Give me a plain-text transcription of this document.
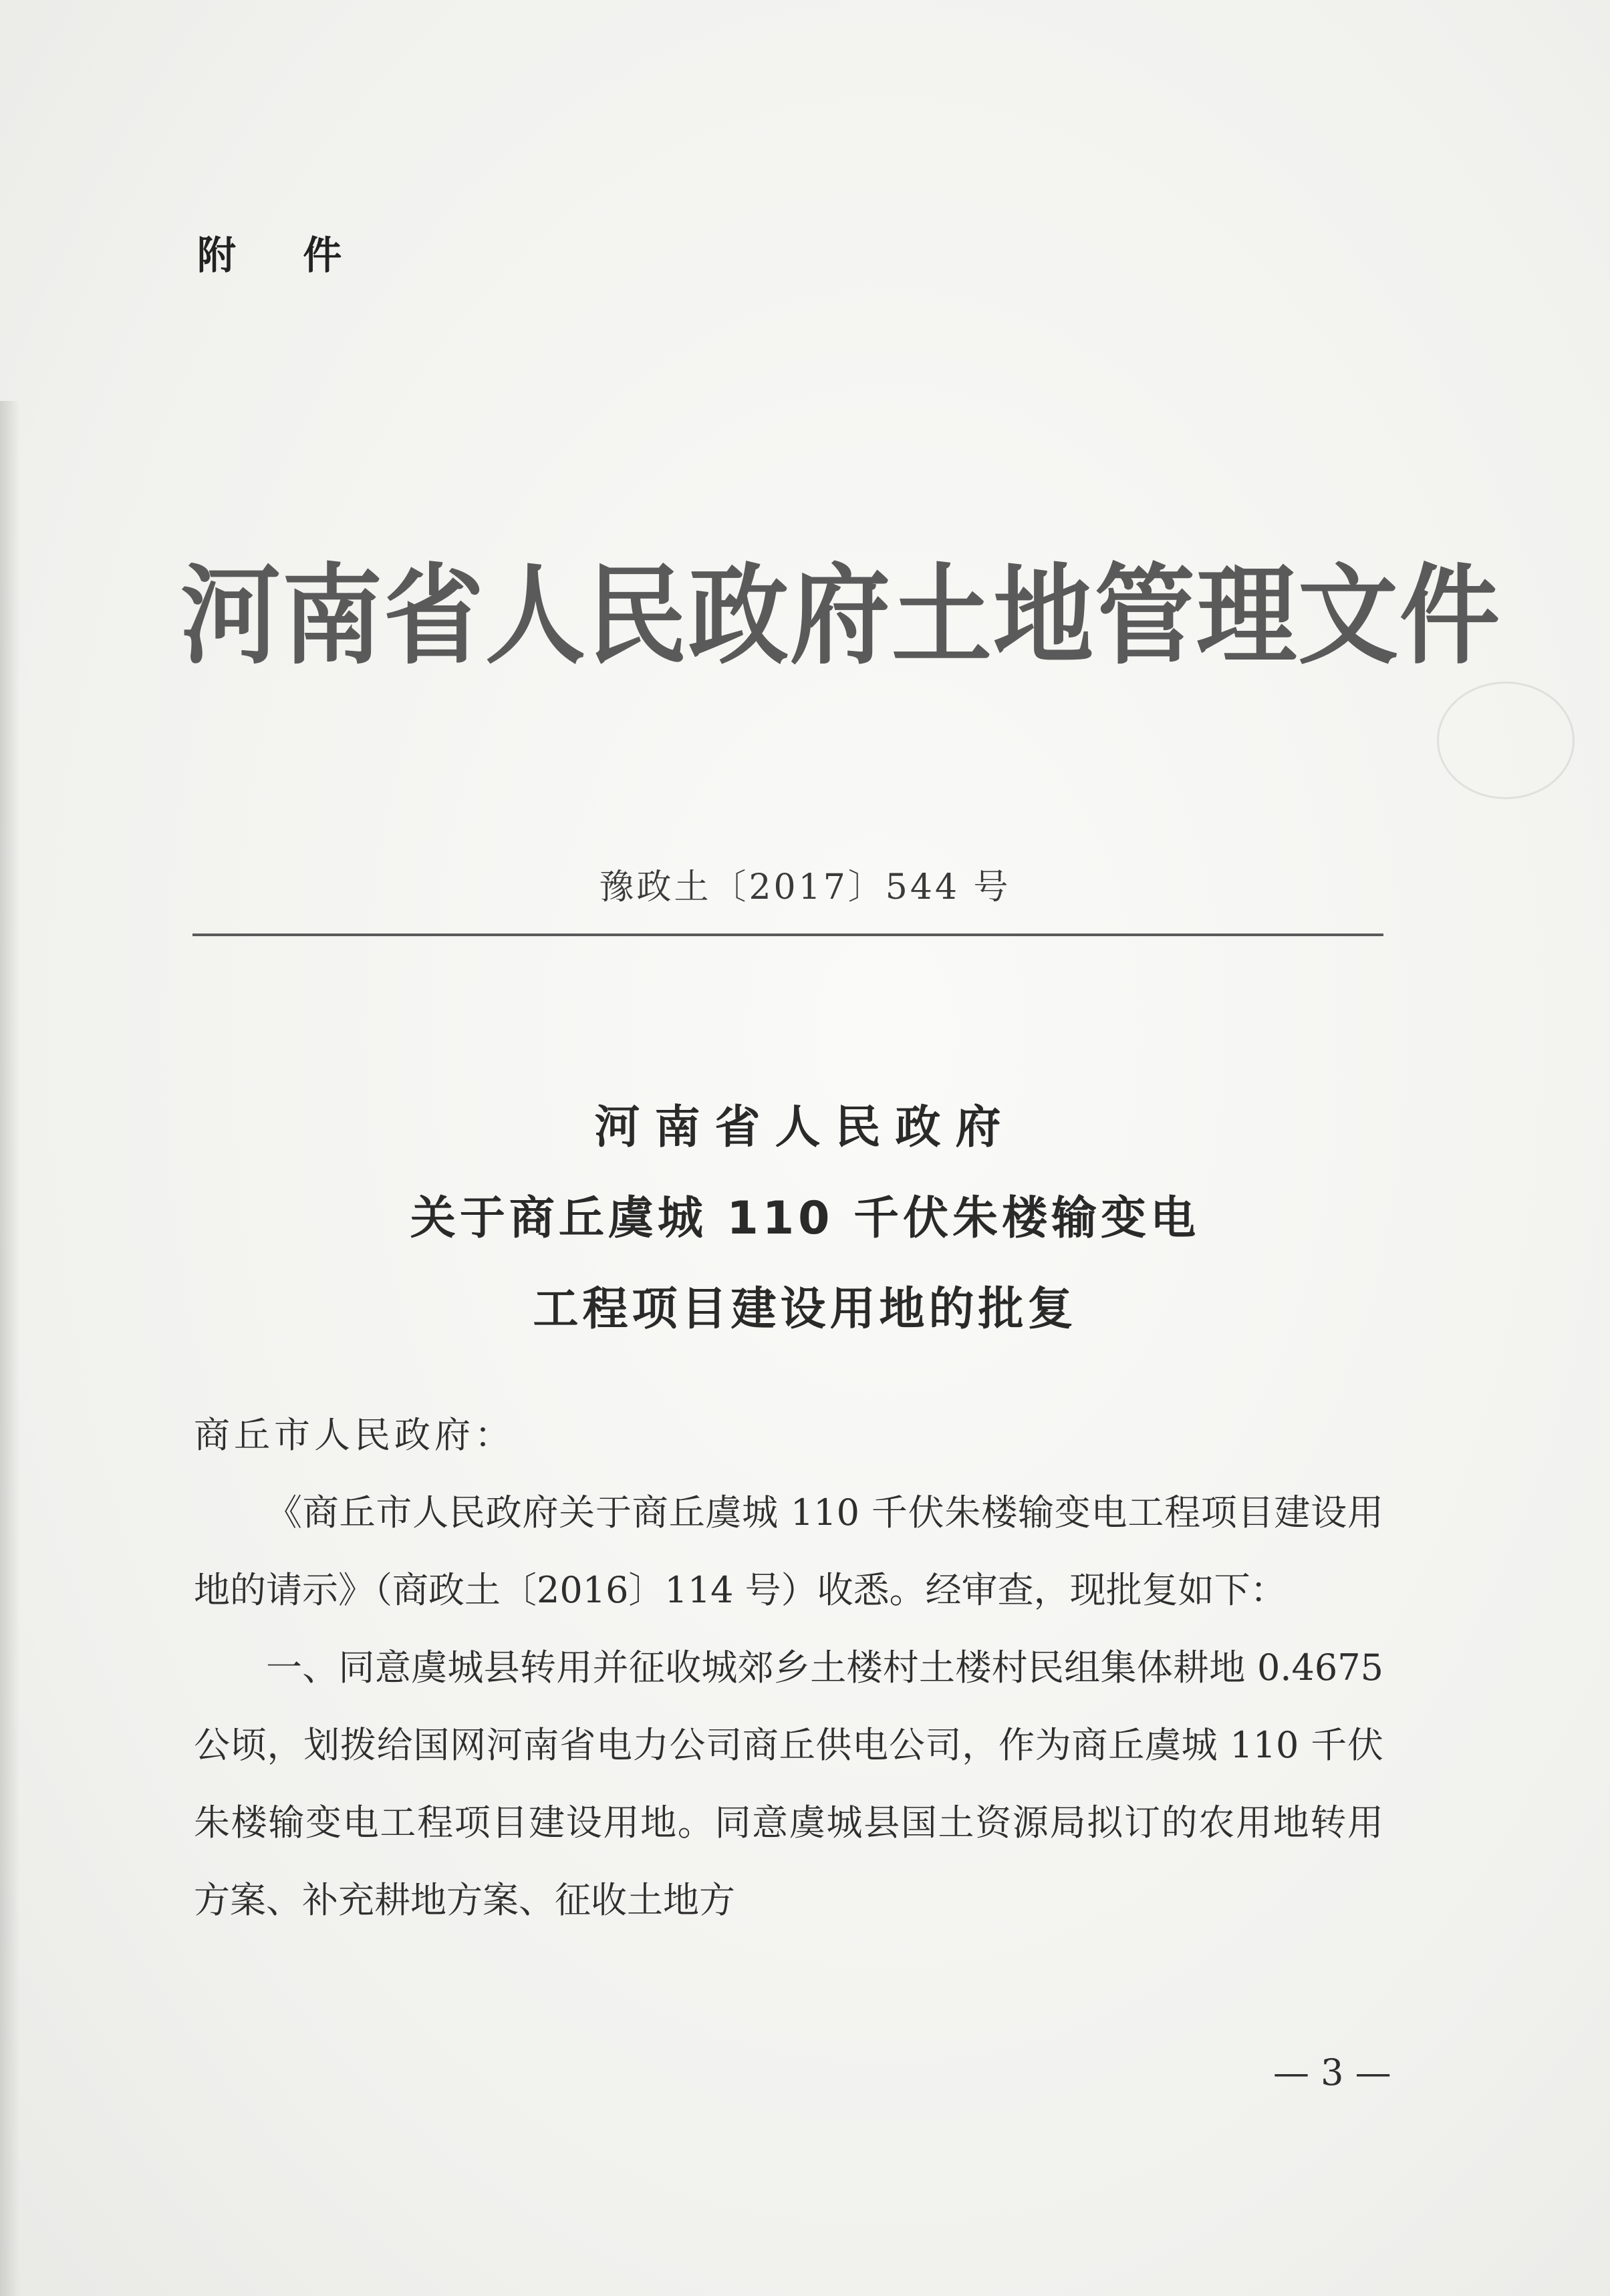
附 件
河南省人民政府土地管理文件
豫政土〔2017〕544 号
河南省人民政府
关于商丘虞城 110 千伏朱楼输变电
工程项目建设用地的批复

商丘市人民政府：

《商丘市人民政府关于商丘虞城 110 千伏朱楼输变电工程项目建设用地的请示》（商政土〔2016〕114 号）收悉。经审查，现批复如下：

一、同意虞城县转用并征收城郊乡土楼村土楼村民组集体耕地 0.4675 公顷，划拨给国网河南省电力公司商丘供电公司，作为商丘虞城 110 千伏朱楼输变电工程项目建设用地。同意虞城县国土资源局拟订的农用地转用方案、补充耕地方案、征收土地方

— 3 —
